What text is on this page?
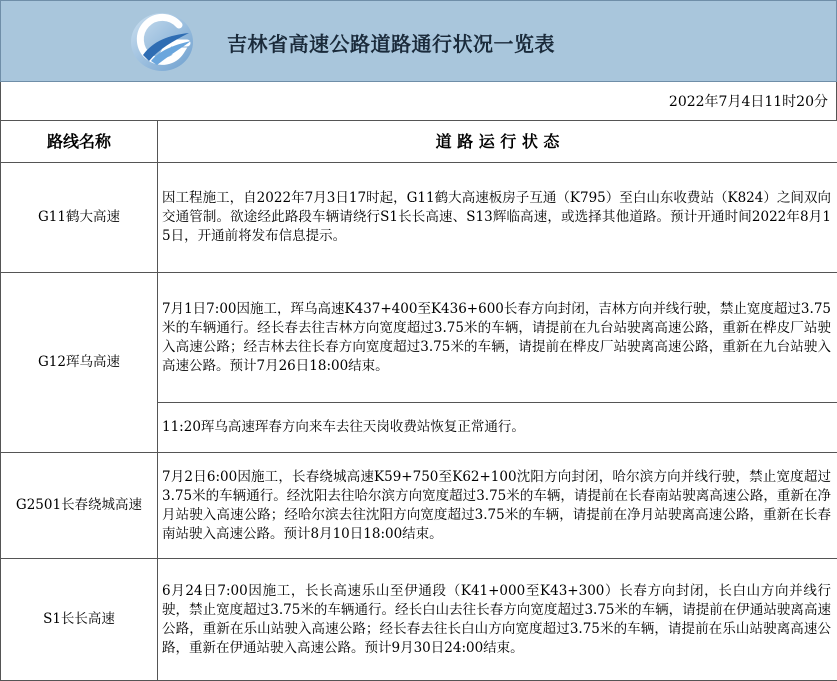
吉林省高速公路道路通行状况一览表
2022年7月4日11时20分
路线名称	道 路 运 行 状 态
G11鹤大高速	因工程施工，自2022年7月3日17时起，G11鹤大高速板房子互通（K795）至白山东收费站（K824）之间双向交通管制。欲途经此路段车辆请绕行S1长长高速、S13辉临高速，或选择其他道路。预计开通时间2022年8月15日，开通前将发布信息提示。

G12珲乌高速	7月1日7:00因施工，珲乌高速K437+400至K436+600长春方向封闭，吉林方向并线行驶，禁止宽度超过3.75米的车辆通行。经长春去往吉林方向宽度超过3.75米的车辆，请提前在九台站驶离高速公路，重新在桦皮厂站驶入高速公路；经吉林去往长春方向宽度超过3.75米的车辆，请提前在桦皮厂站驶离高速公路，重新在九台站驶入高速公路。预计7月26日18:00结束。

	11:20珲乌高速珲春方向来车去往天岗收费站恢复正常通行。

G2501长春绕城高速	7月2日6:00因施工，长春绕城高速K59+750至K62+100沈阳方向封闭，哈尔滨方向并线行驶，禁止宽度超过3.75米的车辆通行。经沈阳去往哈尔滨方向宽度超过3.75米的车辆，请提前在长春南站驶离高速公路，重新在净月站驶入高速公路；经哈尔滨去往沈阳方向宽度超过3.75米的车辆，请提前在净月站驶离高速公路，重新在长春南站驶入高速公路。预计8月10日18:00结束。

S1长长高速	6月24日7:00因施工，长长高速乐山至伊通段（K41+000至K43+300）长春方向封闭，长白山方向并线行驶，禁止宽度超过3.75米的车辆通行。经长白山去往长春方向宽度超过3.75米的车辆，请提前在伊通站驶离高速公路，重新在乐山站驶入高速公路；经长春去往长白山方向宽度超过3.75米的车辆，请提前在乐山站驶离高速公路，重新在伊通站驶入高速公路。预计9月30日24:00结束。
